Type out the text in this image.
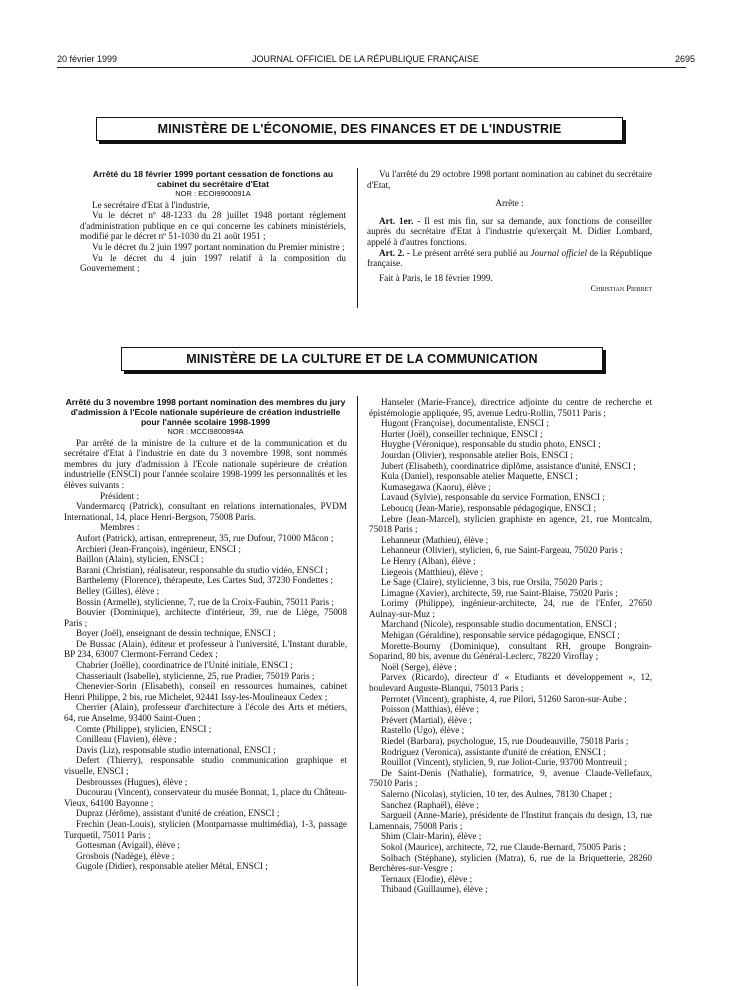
20 février 1999	JOURNAL OFFICIEL DE LA RÉPUBLIQUE FRANÇAISE	2695
MINISTÈRE DE L'ÉCONOMIE, DES FINANCES ET DE L'INDUSTRIE

Arrêté du 18 février 1999 portant cessation de fonctions au cabinet du secrétaire d'Etat

NOR : ECOI9900091A

Le secrétaire d'Etat à l'industrie,

Vu le décret nº 48-1233 du 28 juillet 1948 portant règlement d'administration publique en ce qui concerne les cabinets ministériels, modifié par le décret nº 51-1030 du 21 août 1951 ;

Vu le décret du 2 juin 1997 portant nomination du Premier ministre ;

Vu le décret du 4 juin 1997 relatif à la composition du Gouvernement ;

Vu l'arrêté du 29 octobre 1998 portant nomination au cabinet du secrétaire d'Etat,

Arrête :

Art. 1er. - Il est mis fin, sur sa demande, aux fonctions de conseiller auprès du secrétaire d'Etat à l'industrie qu'exerçait M. Didier Lombard, appelé à d'autres fonctions.

Art. 2. - Le présent arrêté sera publié au Journal officiel de la République française.

Fait à Paris, le 18 février 1999.

Christian Pierret

MINISTÈRE DE LA CULTURE ET DE LA COMMUNICATION

Arrêté du 3 novembre 1998 portant nomination des membres du jury d'admission à l'Ecole nationale supérieure de création industrielle pour l'année scolaire 1998-1999

NOR : MCCI9800894A

Par arrêté de la ministre de la culture et de la communication et du secrétaire d'Etat à l'industrie en date du 3 novembre 1998, sont nommés membres du jury d'admission à l'Ecole nationale supérieure de création industrielle (ENSCI) pour l'année scolaire 1998-1999 les personnalités et les élèves suivants :

Président :

Vandermarcq (Patrick), consultant en relations internationales, PVDM International, 14, place Henri-Bergson, 75008 Paris.

Membres :

Aufort (Patrick), artisan, entrepreneur, 35, rue Dufour, 71000 Mâcon ;

Archieri (Jean-François), ingénieur, ENSCI ;

Baillon (Alain), stylicien, ENSCI ;

Barani (Christian), réalisateur, responsable du studio vidéo, ENSCI ;

Barthelemy (Florence), thérapeute, Les Cartes Sud, 37230 Fondettes ;

Belley (Gilles), élève ;

Bossin (Armelle), stylicienne, 7, rue de la Croix-Faubin, 75011 Paris ;

Bouvier (Dominique), architecte d'intérieur, 39, rue de Liège, 75008 Paris ;

Boyer (Joël), enseignant de dessin technique, ENSCI ;

De Bussac (Alain), éditeur et professeur à l'université, L'Instant durable, BP 234, 63007 Clermont-Ferrand Cedex ;

Chabrier (Joëlle), coordinatrice de l'Unité initiale, ENSCI ;

Chasseriault (Isabelle), stylicienne, 25, rue Pradier, 75019 Paris ;

Chenevier-Sorin (Elisabeth), conseil en ressources humaines, cabinet Henri Philippe, 2 bis, rue Michelet, 92441 Issy-les-Moulineaux Cedex ;

Cherrier (Alain), professeur d'architecture à l'école des Arts et métiers, 64, rue Anselme, 93400 Saint-Ouen ;

Comte (Philippe), stylicien, ENSCI ;

Conilleau (Flavien), élève ;

Davis (Liz), responsable studio international, ENSCI ;

Defert (Thierry), responsable studio communication graphique et visuelle, ENSCI ;

Desbrousses (Hugues), élève ;

Ducourau (Vincent), conservateur du musée Bonnat, 1, place du Château-Vieux, 64100 Bayonne ;

Dupraz (Jérôme), assistant d'unité de création, ENSCI ;

Frechin (Jean-Louis), stylicien (Montparnasse multimédia), 1-3, passage Turquetil, 75011 Paris ;

Gottesman (Avigail), élève ;

Grosbois (Nadège), élève ;

Gugole (Didier), responsable atelier Métal, ENSCI ;

Hanseler (Marie-France), directrice adjointe du centre de recherche et épistémologie appliquée, 95, avenue Ledru-Rollin, 75011 Paris ;

Hugont (Françoise), documentaliste, ENSCI ;

Hurter (Joël), conseiller technique, ENSCI ;

Huyghe (Véronique), responsable du studio photo, ENSCI ;

Jourdan (Olivier), responsable atelier Bois, ENSCI ;

Jubert (Elisabeth), coordinatrice diplôme, assistance d'unité, ENSCI ;

Kula (Daniel), responsable atelier Maquette, ENSCI ;

Kumasegawa (Kaoru), élève ;

Lavaud (Sylvie), responsable du service Formation, ENSCI ;

Leboucq (Jean-Marie), responsable pédagogique, ENSCI ;

Lebre (Jean-Marcel), stylicien graphiste en agence, 21, rue Montcalm, 75018 Paris ;

Lehanneur (Mathieu), élève ;

Lehanneur (Olivier), stylicien, 6, rue Saint-Fargeau, 75020 Paris ;

Le Henry (Alban), élève ;

Liegeois (Matthieu), élève ;

Le Sage (Claire), stylicienne, 3 bis, rue Orsila, 75020 Paris ;

Limagne (Xavier), architecte, 59, rue Saint-Blaise, 75020 Paris ;

Lorimy (Philippe), ingénieur-architecte, 24, rue de l'Enfer, 27650 Aulnay-sur-Muz ;

Marchand (Nicole), responsable studio documentation, ENSCI ;

Mehigan (Géraldine), responsable service pédagogique, ENSCI ;

Morette-Bourny (Dominique), consultant RH, groupe Bongrain-Soparind, 80 bis, avenue du Général-Leclerc, 78220 Viroflay ;

Noël (Serge), élève ;

Parvex (Ricardo), directeur d' « Etudiants et développement », 12, boulevard Auguste-Blanqui, 75013 Paris ;

Perrotet (Vincent), graphiste, 4, rue Pilori, 51260 Saron-sur-Aube ;

Poisson (Matthias), élève ;

Prévert (Martial), élève ;

Rastello (Ugo), élève ;

Riedel (Barbara), psychologue, 15, rue Doudeauville, 75018 Paris ;

Rodriguez (Veronica), assistante d'unité de création, ENSCI ;

Rouillot (Vincent), stylicien, 9, rue Joliot-Curie, 93700 Montreuil ;

De Saint-Denis (Nathalie), formatrice, 9, avenue Claude-Vellefaux, 75010 Paris ;

Salerno (Nicolas), stylicien, 10 ter, des Aulnes, 78130 Chapet ;

Sanchez (Raphaël), élève ;

Sargueil (Anne-Marie), présidente de l'Institut français du design, 13, rue Lamennais, 75008 Paris ;

Shim (Clair-Marin), élève ;

Sokol (Maurice), architecte, 72, rue Claude-Bernard, 75005 Paris ;

Solbach (Stéphane), stylicien (Matra), 6, rue de la Briquetterie, 28260 Berchères-sur-Vesgre ;

Ternaux (Elodie), élève ;

Thibaud (Guillaume), élève ;
